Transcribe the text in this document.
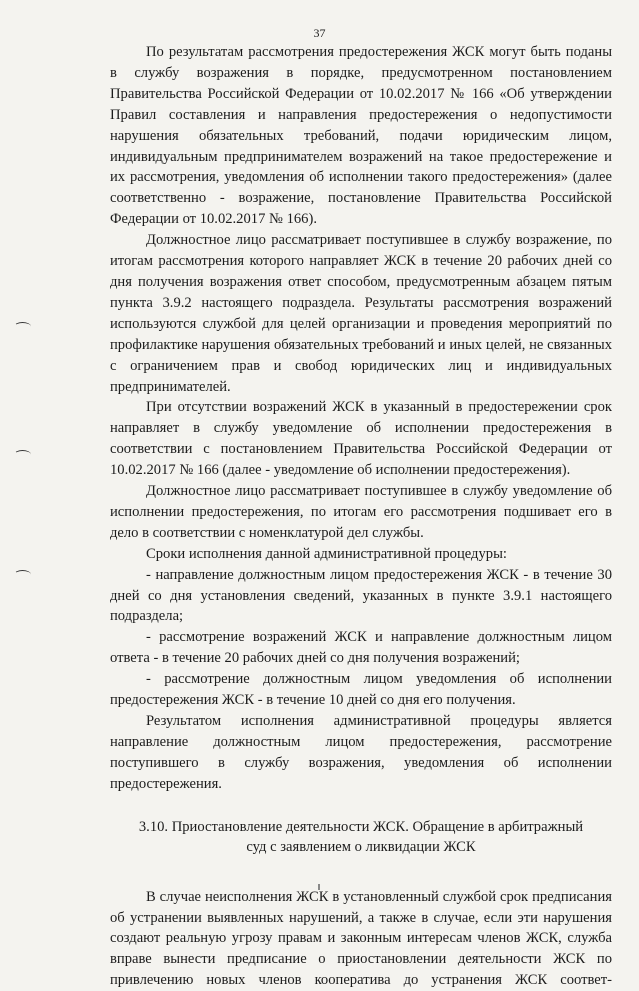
37

По результатам рассмотрения предостережения ЖСК могут быть поданы в службу возражения в порядке, предусмотренном постановлением Правительства Российской Федерации от 10.02.2017 № 166 «Об утверждении Правил составления и направления предостережения о недопустимости нарушения обязательных требований, подачи юридическим лицом, индивидуальным предпринимателем возражений на такое предостережение и их рассмотрения, уведомления об исполнении такого предостережения» (далее соответственно - возражение, постановление Правительства Российской Федерации от 10.02.2017 № 166).

Должностное лицо рассматривает поступившее в службу возражение, по итогам рассмотрения которого направляет ЖСК в течение 20 рабочих дней со дня получения возражения ответ способом, предусмотренным абзацем пятым пункта 3.9.2 настоящего подраздела. Результаты рассмотрения возражений используются службой для целей организации и проведения мероприятий по профилактике нарушения обязательных требований и иных целей, не связанных с ограничением прав и свобод юридических лиц и индивидуальных предпринимателей.

При отсутствии возражений ЖСК в указанный в предостережении срок направляет в службу уведомление об исполнении предостережения в соответствии с постановлением Правительства Российской Федерации от 10.02.2017 № 166 (далее - уведомление об исполнении предостережения).

Должностное лицо рассматривает поступившее в службу уведомление об исполнении предостережения, по итогам его рассмотрения подшивает его в дело в соответствии с номенклатурой дел службы.

Сроки исполнения данной административной процедуры:

- направление должностным лицом предостережения ЖСК - в течение 30 дней со дня установления сведений, указанных в пункте 3.9.1 настоящего подраздела;

- рассмотрение возражений ЖСК и направление должностным лицом ответа - в течение 20 рабочих дней со дня получения возражений;

- рассмотрение должностным лицом уведомления об исполнении предостережения ЖСК - в течение 10 дней со дня его получения.

Результатом исполнения административной процедуры является направление должностным лицом предостережения, рассмотрение поступившего в службу возражения, уведомления об исполнении предостережения.

3.10. Приостановление деятельности ЖСК. Обращение в арбитражный
суд с заявлением о ликвидации ЖСК

В случае неисполнения ЖСК в установленный службой срок предписания об устранении выявленных нарушений, а также в случае, если эти нарушения создают реальную угрозу правам и законным интересам членов ЖСК, служба вправе вынести предписание о приостановлении деятельности ЖСК по привлечению новых членов кооператива до устранения ЖСК соответ-
